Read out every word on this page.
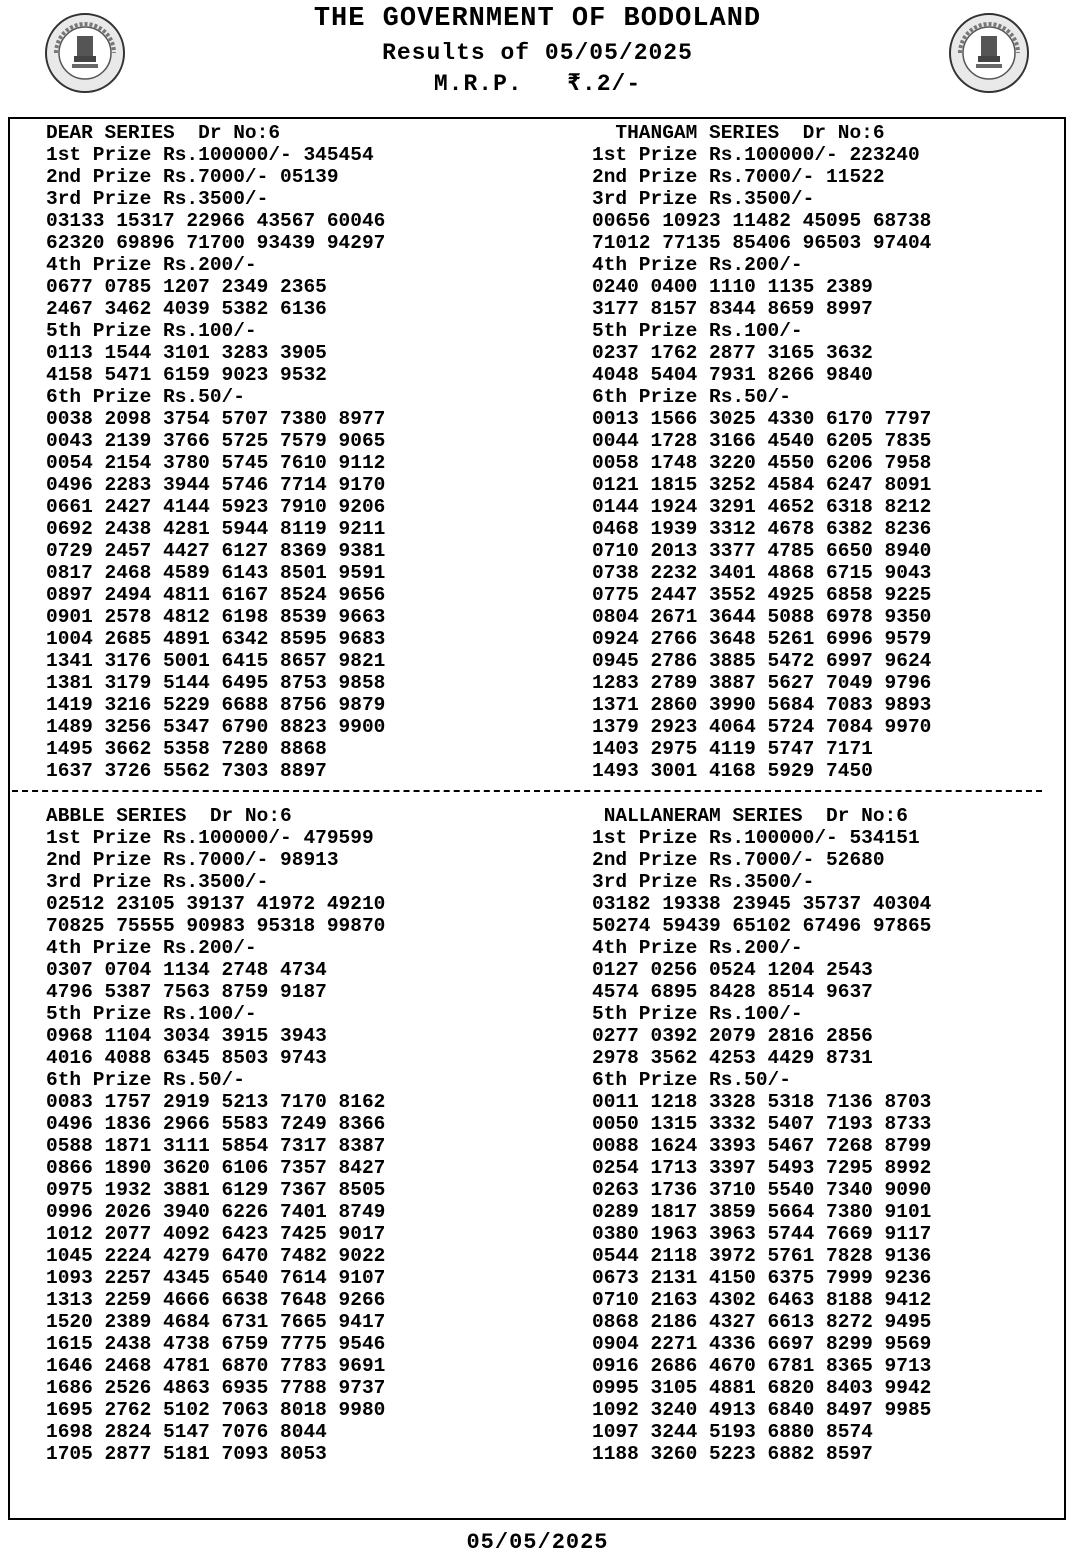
THE GOVERNMENT OF BODOLAND
Results of 05/05/2025
M.R.P.   ₹.2/-
DEAR SERIES  Dr No:6
1st Prize Rs.100000/- 345454
2nd Prize Rs.7000/- 05139
3rd Prize Rs.3500/-
03133 15317 22966 43567 60046
62320 69896 71700 93439 94297
4th Prize Rs.200/-
0677 0785 1207 2349 2365
2467 3462 4039 5382 6136
5th Prize Rs.100/-
0113 1544 3101 3283 3905
4158 5471 6159 9023 9532
6th Prize Rs.50/-
0038 2098 3754 5707 7380 8977
0043 2139 3766 5725 7579 9065
0054 2154 3780 5745 7610 9112
0496 2283 3944 5746 7714 9170
0661 2427 4144 5923 7910 9206
0692 2438 4281 5944 8119 9211
0729 2457 4427 6127 8369 9381
0817 2468 4589 6143 8501 9591
0897 2494 4811 6167 8524 9656
0901 2578 4812 6198 8539 9663
1004 2685 4891 6342 8595 9683
1341 3176 5001 6415 8657 9821
1381 3179 5144 6495 8753 9858
1419 3216 5229 6688 8756 9879
1489 3256 5347 6790 8823 9900
1495 3662 5358 7280 8868
1637 3726 5562 7303 8897
THANGAM SERIES  Dr No:6
1st Prize Rs.100000/- 223240
2nd Prize Rs.7000/- 11522
3rd Prize Rs.3500/-
00656 10923 11482 45095 68738
71012 77135 85406 96503 97404
4th Prize Rs.200/-
0240 0400 1110 1135 2389
3177 8157 8344 8659 8997
5th Prize Rs.100/-
0237 1762 2877 3165 3632
4048 5404 7931 8266 9840
6th Prize Rs.50/-
0013 1566 3025 4330 6170 7797
0044 1728 3166 4540 6205 7835
0058 1748 3220 4550 6206 7958
0121 1815 3252 4584 6247 8091
0144 1924 3291 4652 6318 8212
0468 1939 3312 4678 6382 8236
0710 2013 3377 4785 6650 8940
0738 2232 3401 4868 6715 9043
0775 2447 3552 4925 6858 9225
0804 2671 3644 5088 6978 9350
0924 2766 3648 5261 6996 9579
0945 2786 3885 5472 6997 9624
1283 2789 3887 5627 7049 9796
1371 2860 3990 5684 7083 9893
1379 2923 4064 5724 7084 9970
1403 2975 4119 5747 7171
1493 3001 4168 5929 7450
ABBLE SERIES  Dr No:6
1st Prize Rs.100000/- 479599
2nd Prize Rs.7000/- 98913
3rd Prize Rs.3500/-
02512 23105 39137 41972 49210
70825 75555 90983 95318 99870
4th Prize Rs.200/-
0307 0704 1134 2748 4734
4796 5387 7563 8759 9187
5th Prize Rs.100/-
0968 1104 3034 3915 3943
4016 4088 6345 8503 9743
6th Prize Rs.50/-
0083 1757 2919 5213 7170 8162
0496 1836 2966 5583 7249 8366
0588 1871 3111 5854 7317 8387
0866 1890 3620 6106 7357 8427
0975 1932 3881 6129 7367 8505
0996 2026 3940 6226 7401 8749
1012 2077 4092 6423 7425 9017
1045 2224 4279 6470 7482 9022
1093 2257 4345 6540 7614 9107
1313 2259 4666 6638 7648 9266
1520 2389 4684 6731 7665 9417
1615 2438 4738 6759 7775 9546
1646 2468 4781 6870 7783 9691
1686 2526 4863 6935 7788 9737
1695 2762 5102 7063 8018 9980
1698 2824 5147 7076 8044
1705 2877 5181 7093 8053
NALLANERAM SERIES  Dr No:6
1st Prize Rs.100000/- 534151
2nd Prize Rs.7000/- 52680
3rd Prize Rs.3500/-
03182 19338 23945 35737 40304
50274 59439 65102 67496 97865
4th Prize Rs.200/-
0127 0256 0524 1204 2543
4574 6895 8428 8514 9637
5th Prize Rs.100/-
0277 0392 2079 2816 2856
2978 3562 4253 4429 8731
6th Prize Rs.50/-
0011 1218 3328 5318 7136 8703
0050 1315 3332 5407 7193 8733
0088 1624 3393 5467 7268 8799
0254 1713 3397 5493 7295 8992
0263 1736 3710 5540 7340 9090
0289 1817 3859 5664 7380 9101
0380 1963 3963 5744 7669 9117
0544 2118 3972 5761 7828 9136
0673 2131 4150 6375 7999 9236
0710 2163 4302 6463 8188 9412
0868 2186 4327 6613 8272 9495
0904 2271 4336 6697 8299 9569
0916 2686 4670 6781 8365 9713
0995 3105 4881 6820 8403 9942
1092 3240 4913 6840 8497 9985
1097 3244 5193 6880 8574
1188 3260 5223 6882 8597
05/05/2025
